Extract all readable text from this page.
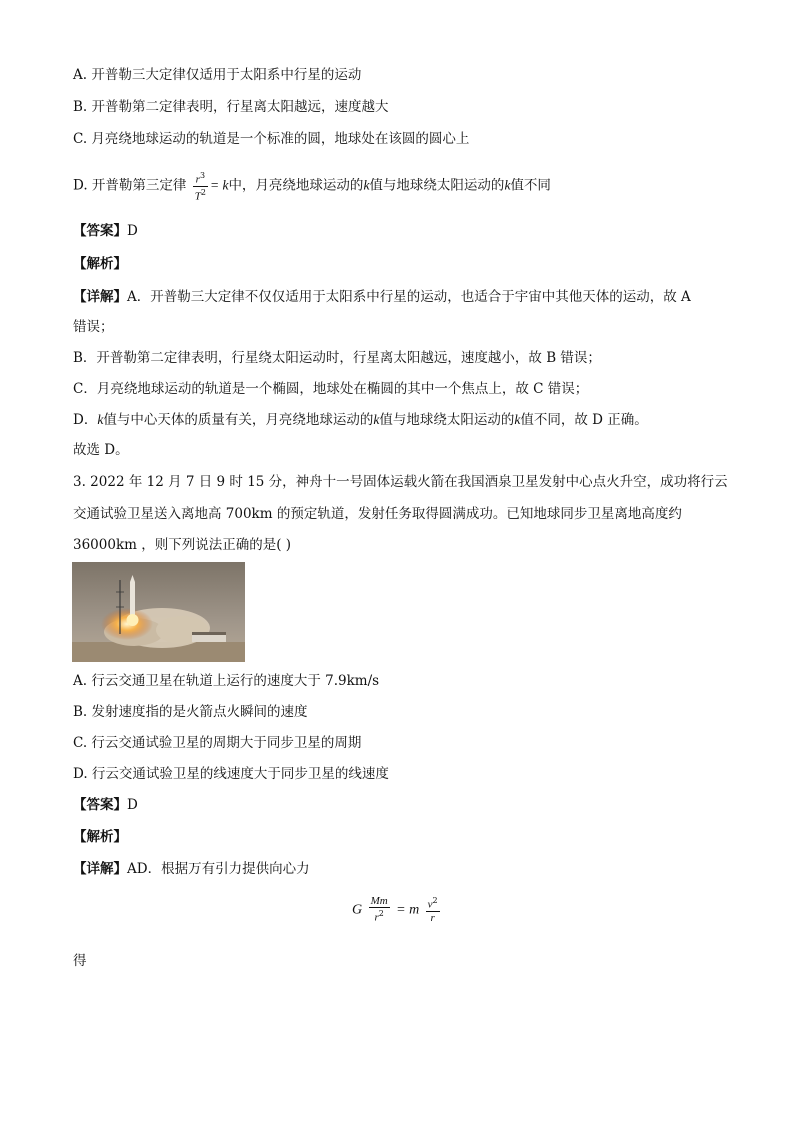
A. 开普勒三大定律仅适用于太阳系中行星的运动
B. 开普勒第二定律表明，行星离太阳越远，速度越大
C. 月亮绕地球运动的轨道是一个标准的圆，地球处在该圆的圆心上
D. 开普勒第三定律 $\frac{r^3}{T^2} = k$中，月亮绕地球运动的k值与地球绕太阳运动的k值不同
【答案】D
【解析】
【详解】A．开普勒三大定律不仅仅适用于太阳系中行星的运动，也适合于宇宙中其他天体的运动，故 A
错误；
B．开普勒第二定律表明，行星绕太阳运动时，行星离太阳越远，速度越小，故 B 错误；
C．月亮绕地球运动的轨道是一个椭圆，地球处在椭圆的其中一个焦点上，故 C 错误；
D．k值与中心天体的质量有关，月亮绕地球运动的k值与地球绕太阳运动的k值不同，故 D 正确。
故选 D。
3. 2022 年 12 月 7 日 9 时 15 分，神舟十一号固体运载火箭在我国酒泉卫星发射中心点火升空，成功将行云
交通试验卫星送入离地高 700km 的预定轨道，发射任务取得圆满成功。已知地球同步卫星离地高度约
36000km ，则下列说法正确的是( )
A. 行云交通卫星在轨道上运行的速度大于 7.9km/s
B. 发射速度指的是火箭点火瞬间的速度
C. 行云交通试验卫星的周期大于同步卫星的周期
D. 行云交通试验卫星的线速度大于同步卫星的线速度
【答案】D
【解析】
【详解】AD．根据万有引力提供向心力
G $\frac{Mm}{r^2} = m \frac{v^2}{r}$
得
